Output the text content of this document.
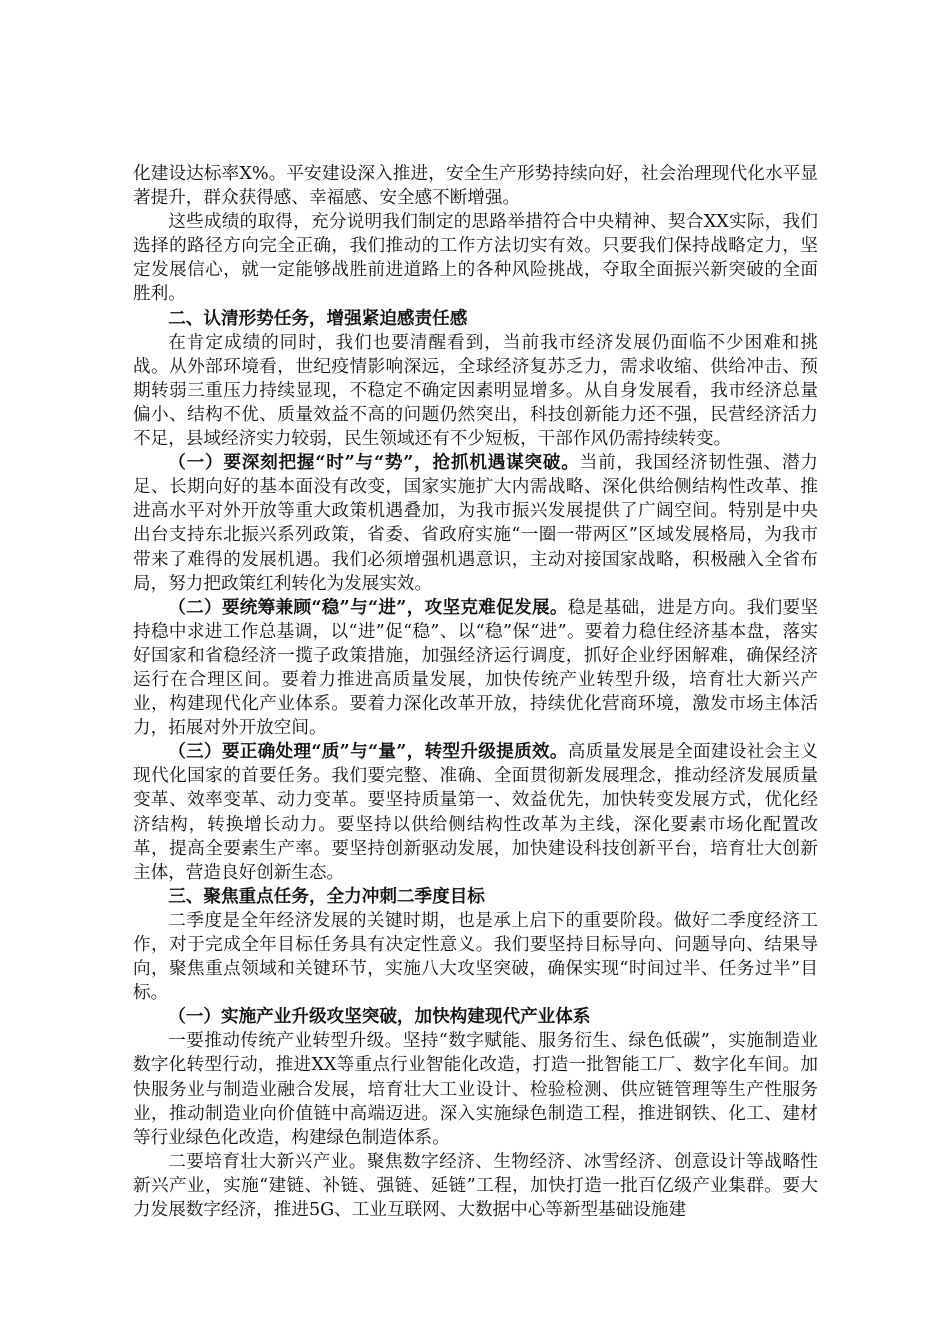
化建设达标率X%。平安建设深入推进，安全生产形势持续向好，社会治理现代化水平显著提升，群众获得感、幸福感、安全感不断增强。

这些成绩的取得，充分说明我们制定的思路举措符合中央精神、契合XX实际，我们选择的路径方向完全正确，我们推动的工作方法切实有效。只要我们保持战略定力，坚定发展信心，就一定能够战胜前进道路上的各种风险挑战，夺取全面振兴新突破的全面胜利。

二、认清形势任务，增强紧迫感责任感

在肯定成绩的同时，我们也要清醒看到，当前我市经济发展仍面临不少困难和挑战。从外部环境看，世纪疫情影响深远，全球经济复苏乏力，需求收缩、供给冲击、预期转弱三重压力持续显现，不稳定不确定因素明显增多。从自身发展看，我市经济总量偏小、结构不优、质量效益不高的问题仍然突出，科技创新能力还不强，民营经济活力不足，县域经济实力较弱，民生领域还有不少短板，干部作风仍需持续转变。

（一）要深刻把握“时”与“势”，抢抓机遇谋突破。当前，我国经济韧性强、潜力足、长期向好的基本面没有改变，国家实施扩大内需战略、深化供给侧结构性改革、推进高水平对外开放等重大政策机遇叠加，为我市振兴发展提供了广阔空间。特别是中央出台支持东北振兴系列政策，省委、省政府实施“一圈一带两区”区域发展格局，为我市带来了难得的发展机遇。我们必须增强机遇意识，主动对接国家战略，积极融入全省布局，努力把政策红利转化为发展实效。

（二）要统筹兼顾“稳”与“进”，攻坚克难促发展。稳是基础，进是方向。我们要坚持稳中求进工作总基调，以“进”促“稳”、以“稳”保“进”。要着力稳住经济基本盘，落实好国家和省稳经济一揽子政策措施，加强经济运行调度，抓好企业纾困解难，确保经济运行在合理区间。要着力推进高质量发展，加快传统产业转型升级，培育壮大新兴产业，构建现代化产业体系。要着力深化改革开放，持续优化营商环境，激发市场主体活力，拓展对外开放空间。

（三）要正确处理“质”与“量”，转型升级提质效。高质量发展是全面建设社会主义现代化国家的首要任务。我们要完整、准确、全面贯彻新发展理念，推动经济发展质量变革、效率变革、动力变革。要坚持质量第一、效益优先，加快转变发展方式，优化经济结构，转换增长动力。要坚持以供给侧结构性改革为主线，深化要素市场化配置改革，提高全要素生产率。要坚持创新驱动发展，加快建设科技创新平台，培育壮大创新主体，营造良好创新生态。

三、聚焦重点任务，全力冲刺二季度目标

二季度是全年经济发展的关键时期，也是承上启下的重要阶段。做好二季度经济工作，对于完成全年目标任务具有决定性意义。我们要坚持目标导向、问题导向、结果导向，聚焦重点领域和关键环节，实施八大攻坚突破，确保实现“时间过半、任务过半”目标。

（一）实施产业升级攻坚突破，加快构建现代产业体系

一要推动传统产业转型升级。坚持“数字赋能、服务衍生、绿色低碳”，实施制造业数字化转型行动，推进XX等重点行业智能化改造，打造一批智能工厂、数字化车间。加快服务业与制造业融合发展，培育壮大工业设计、检验检测、供应链管理等生产性服务业，推动制造业向价值链中高端迈进。深入实施绿色制造工程，推进钢铁、化工、建材等行业绿色化改造，构建绿色制造体系。

二要培育壮大新兴产业。聚焦数字经济、生物经济、冰雪经济、创意设计等战略性新兴产业，实施“建链、补链、强链、延链”工程，加快打造一批百亿级产业集群。要大力发展数字经济，推进5G、工业互联网、大数据中心等新型基础设施建
